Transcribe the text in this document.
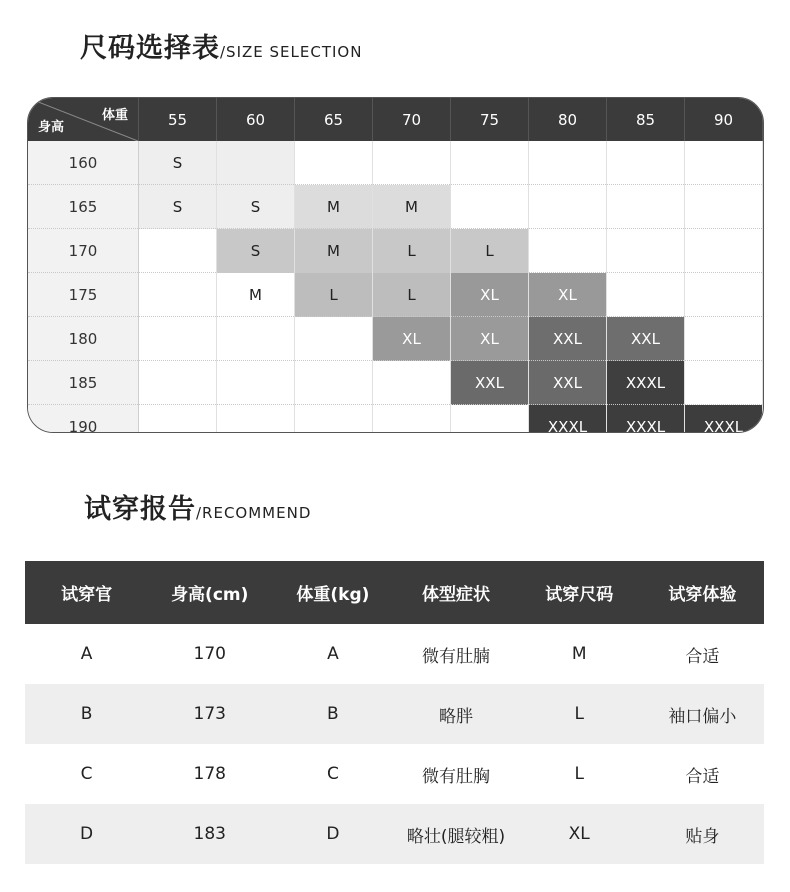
尺码选择表 /SIZE SELECTION
体重
身高	55	60	65	70	75	80	85	90
160	S							
165	S	S	M	M				
170		S	M	L	L			
175		M	L	L	XL	XL		
180				XL	XL	XXL	XXL	
185					XXL	XXL	XXXL	
190						XXXL	XXXL	XXXL
试穿报告 /RECOMMEND
试穿官	身高(cm)	体重(kg)	体型症状	试穿尺码	试穿体验
A	170	A	微有肚腩	M	合适
B	173	B	略胖	L	袖口偏小
C	178	C	微有肚胸	L	合适
D	183	D	略壮(腿较粗)	XL	贴身
